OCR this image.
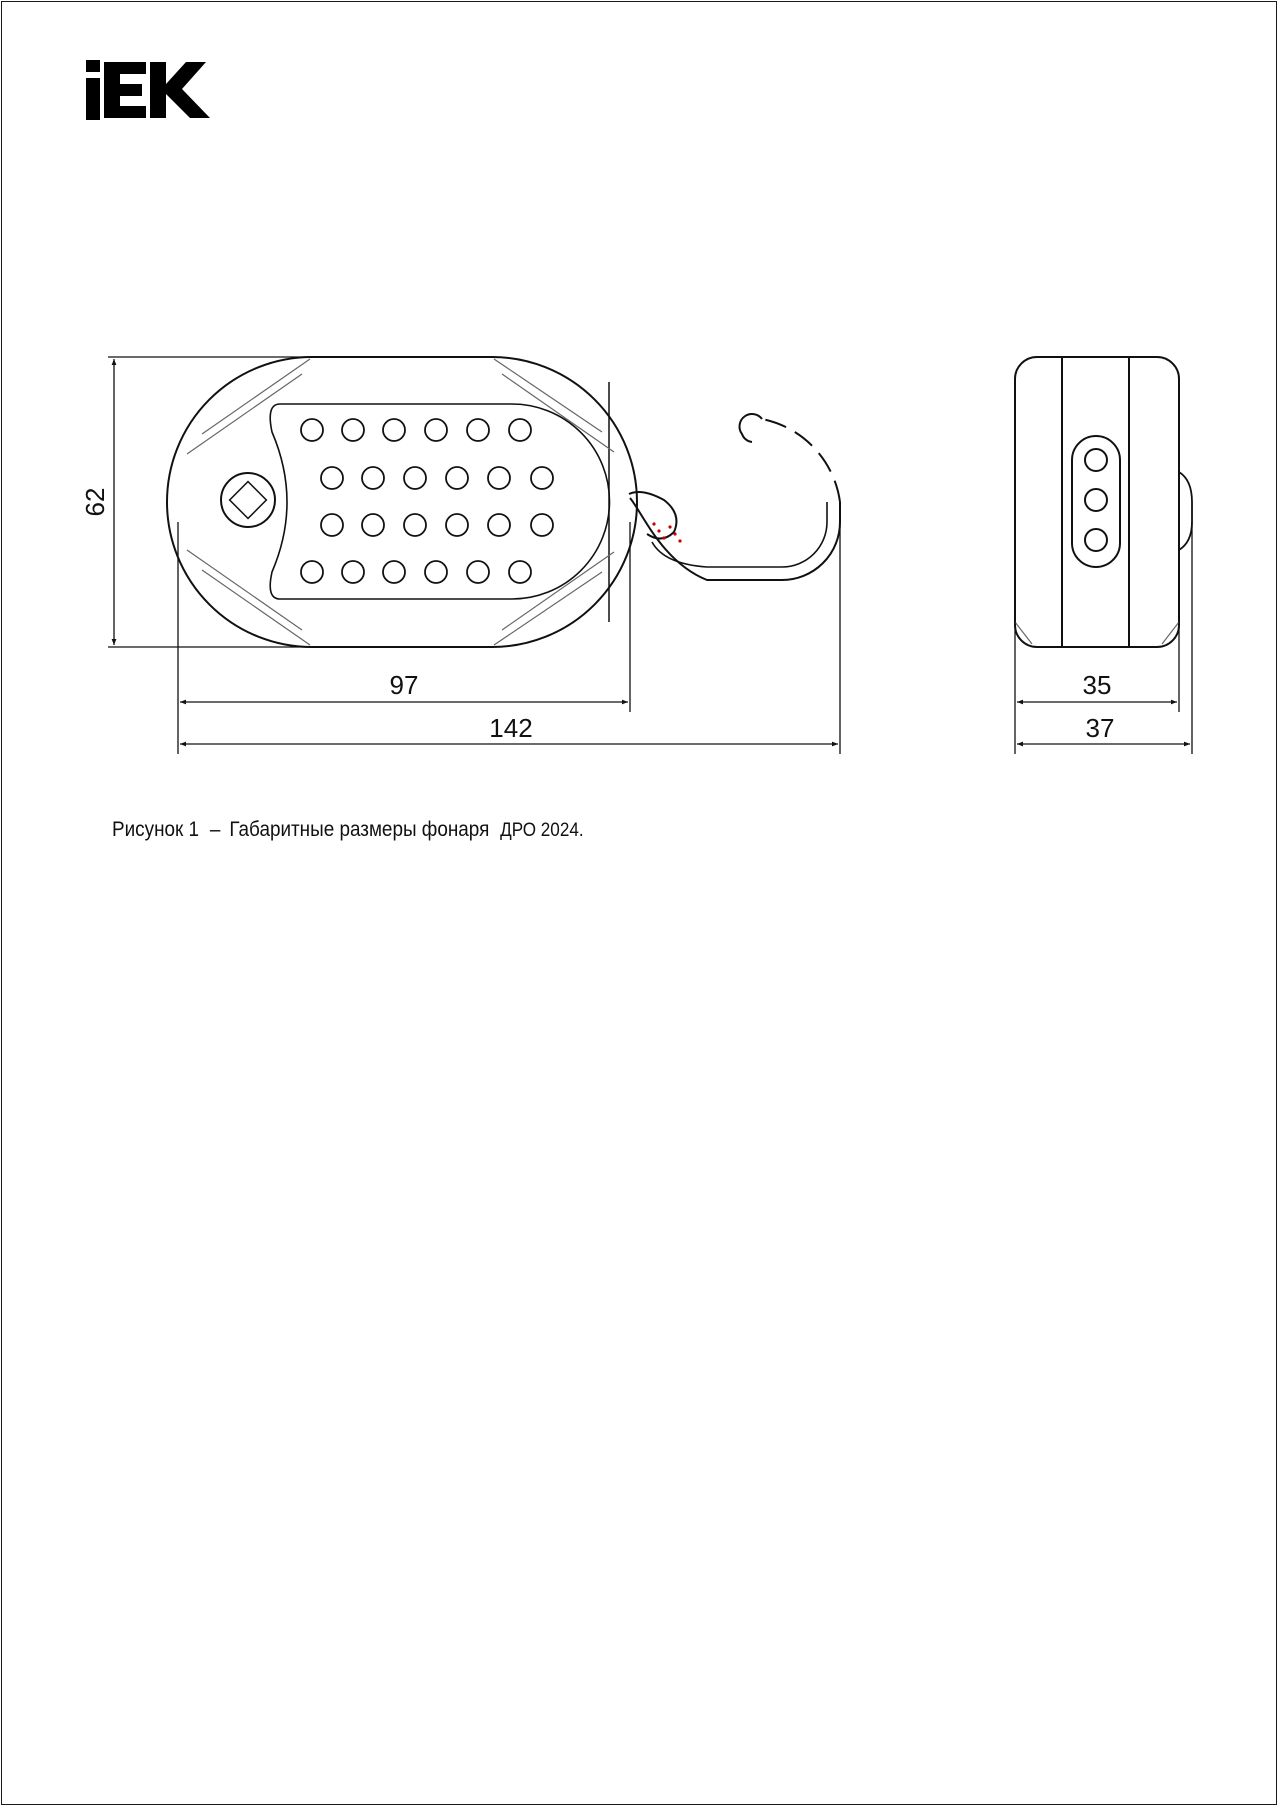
62
97
142
35
37
Рисунок 1 – Габаритные размеры фонаря ДРО 2024.
